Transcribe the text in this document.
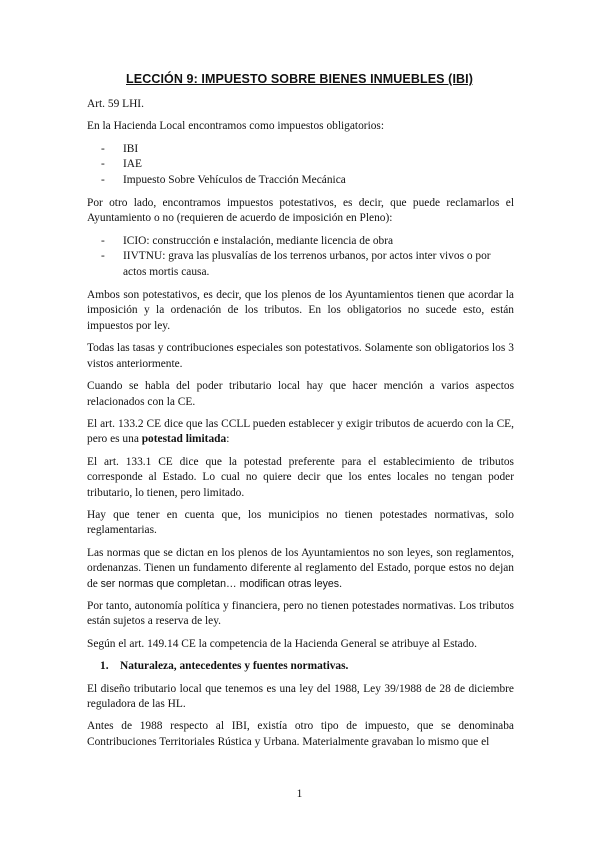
LECCIÓN 9: IMPUESTO SOBRE BIENES INMUEBLES (IBI)

Art. 59 LHI.

En la Hacienda Local encontramos como impuestos obligatorios:

- IBI
- IAE
- Impuesto Sobre Vehículos de Tracción Mecánica

Por otro lado, encontramos impuestos potestativos, es decir, que puede reclamarlos el Ayuntamiento o no (requieren de acuerdo de imposición en Pleno):

- ICIO: construcción e instalación, mediante licencia de obra
- IIVTNU: grava las plusvalías de los terrenos urbanos, por actos inter vivos o por actos mortis causa.

Ambos son potestativos, es decir, que los plenos de los Ayuntamientos tienen que acordar la imposición y la ordenación de los tributos. En los obligatorios no sucede esto, están impuestos por ley.

Todas las tasas y contribuciones especiales son potestativos. Solamente son obligatorios los 3 vistos anteriormente.

Cuando se habla del poder tributario local hay que hacer mención a varios aspectos relacionados con la CE.

El art. 133.2 CE dice que las CCLL pueden establecer y exigir tributos de acuerdo con la CE, pero es una potestad limitada:

El art. 133.1 CE dice que la potestad preferente para el establecimiento de tributos corresponde al Estado. Lo cual no quiere decir que los entes locales no tengan poder tributario, lo tienen, pero limitado.

Hay que tener en cuenta que, los municipios no tienen potestades normativas, solo reglamentarias.

Las normas que se dictan en los plenos de los Ayuntamientos no son leyes, son reglamentos, ordenanzas. Tienen un fundamento diferente al reglamento del Estado, porque estos no dejan de ser normas que completan… modifican otras leyes.

Por tanto, autonomía política y financiera, pero no tienen potestades normativas. Los tributos están sujetos a reserva de ley.

Según el art. 149.14 CE la competencia de la Hacienda General se atribuye al Estado.

1. Naturaleza, antecedentes y fuentes normativas.

El diseño tributario local que tenemos es una ley del 1988, Ley 39/1988 de 28 de diciembre reguladora de las HL.

Antes de 1988 respecto al IBI, existía otro tipo de impuesto, que se denominaba Contribuciones Territoriales Rústica y Urbana. Materialmente gravaban lo mismo que el

1
